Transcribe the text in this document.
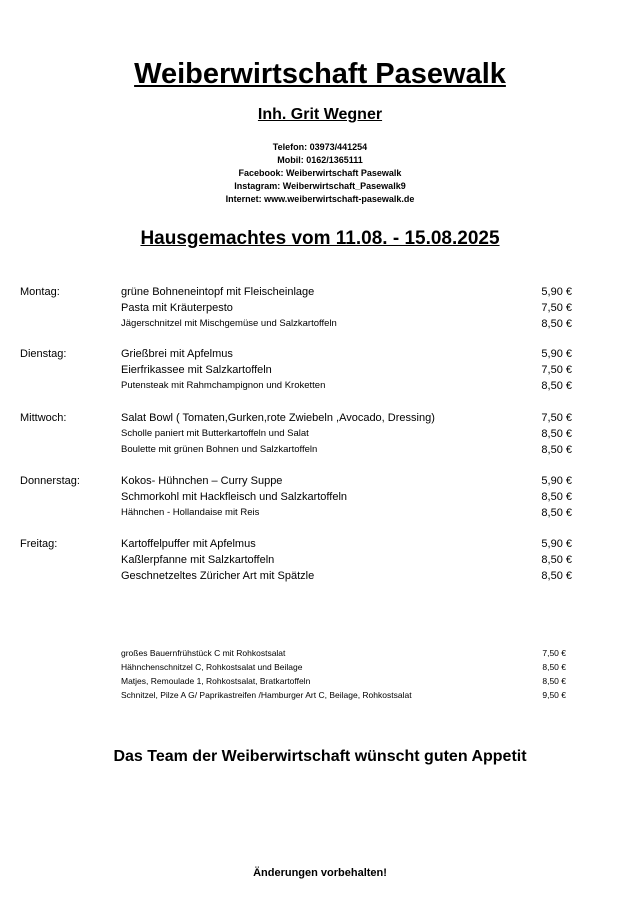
Weiberwirtschaft Pasewalk
Inh. Grit Wegner
Telefon: 03973/441254
Mobil: 0162/1365111
Facebook: Weiberwirtschaft Pasewalk
Instagram: Weiberwirtschaft_Pasewalk9
Internet: www.weiberwirtschaft-pasewalk.de
Hausgemachtes vom 11.08. - 15.08.2025
Montag:	grüne Bohneneintopf mit Fleischeinlage	5,90 €
Pasta mit Kräuterpesto	7,50 €
Jägerschnitzel mit Mischgemüse und Salzkartoffeln	8,50 €
Dienstag:	Grießbrei mit Apfelmus	5,90 €
Eierfrikassee mit Salzkartoffeln	7,50 €
Putensteak mit Rahmchampignon und Kroketten	8,50 €
Mittwoch:	Salat Bowl ( Tomaten,Gurken,rote Zwiebeln ,Avocado, Dressing)	7,50 €
Scholle paniert mit Butterkartoffeln und Salat	8,50 €
Boulette mit grünen Bohnen und Salzkartoffeln	8,50 €
Donnerstag:	Kokos- Hühnchen – Curry Suppe	5,90 €
Schmorkohl mit Hackfleisch und Salzkartoffeln	8,50 €
Hähnchen - Hollandaise mit Reis	8,50 €
Freitag:	Kartoffelpuffer mit Apfelmus	5,90 €
Kaßlerpfanne mit Salzkartoffeln	8,50 €
Geschnetzeltes Züricher Art mit Spätzle	8,50 €
großes Bauernfrühstück C mit Rohkostsalat	7,50 €
Hähnchenschnitzel C, Rohkostsalat und Beilage	8,50 €
Matjes, Remoulade 1, Rohkostsalat, Bratkartoffeln	8,50 €
Schnitzel, Pilze A G/ Paprikastreifen /Hamburger Art C, Beilage, Rohkostsalat	9,50 €
Das Team der Weiberwirtschaft wünscht guten Appetit
Änderungen vorbehalten!
